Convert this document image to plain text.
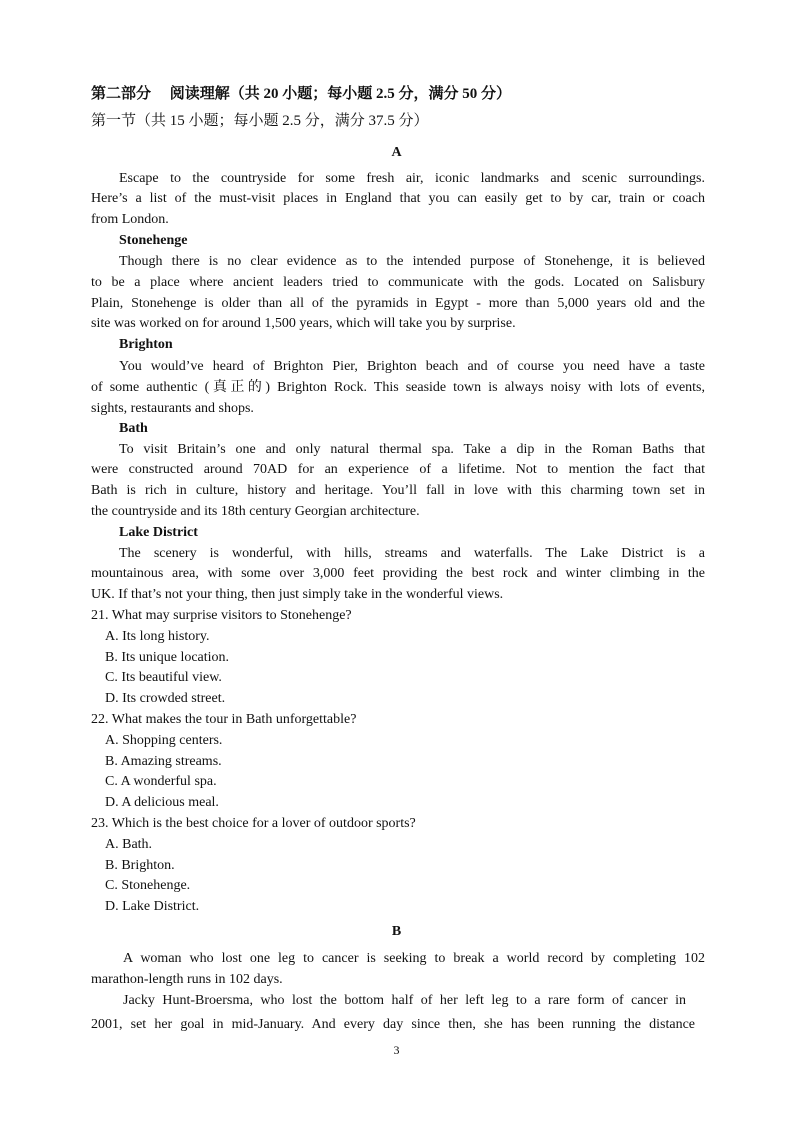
第二部分　 阅读理解（共 20 小题；每小题 2.5 分，满分 50 分）
第一节（共 15 小题；每小题 2.5 分，满分 37.5 分）
A
Escape to the countryside for some fresh air, iconic landmarks and scenic surroundings.
Here’s a list of the must-visit places in England that you can easily get to by car, train or coach
from London.
Stonehenge
Though there is no clear evidence as to the intended purpose of Stonehenge, it is believed
to be a place where ancient leaders tried to communicate with the gods. Located on Salisbury
Plain, Stonehenge is older than all of the pyramids in Egypt - more than 5,000 years old and the
site was worked on for around 1,500 years, which will take you by surprise.
Brighton
You would’ve heard of Brighton Pier, Brighton beach and of course you need have a taste
of some authentic (真正的) Brighton Rock. This seaside town is always noisy with lots of events,
sights, restaurants and shops.
Bath
To visit Britain’s one and only natural thermal spa. Take a dip in the Roman Baths that
were constructed around 70AD for an experience of a lifetime. Not to mention the fact that
Bath is rich in culture, history and heritage. You’ll fall in love with this charming town set in
the countryside and its 18th century Georgian architecture.
Lake District
The scenery is wonderful, with hills, streams and waterfalls. The Lake District is a
mountainous area, with some over 3,000 feet providing the best rock and winter climbing in the
UK. If that’s not your thing, then just simply take in the wonderful views.
21. What may surprise visitors to Stonehenge?
A. Its long history.
B. Its unique location.
C. Its beautiful view.
D. Its crowded street.
22. What makes the tour in Bath unforgettable?
A. Shopping centers.
B. Amazing streams.
C. A wonderful spa.
D. A delicious meal.
23. Which is the best choice for a lover of outdoor sports?
A. Bath.
B. Brighton.
C. Stonehenge.
D. Lake District.
B
A woman who lost one leg to cancer is seeking to break a world record by completing 102
marathon-length runs in 102 days.
Jacky Hunt-Broersma, who lost the bottom half of her left leg to a rare form of cancer in
2001, set her goal in mid-January. And every day since then, she has been running the distance
3
